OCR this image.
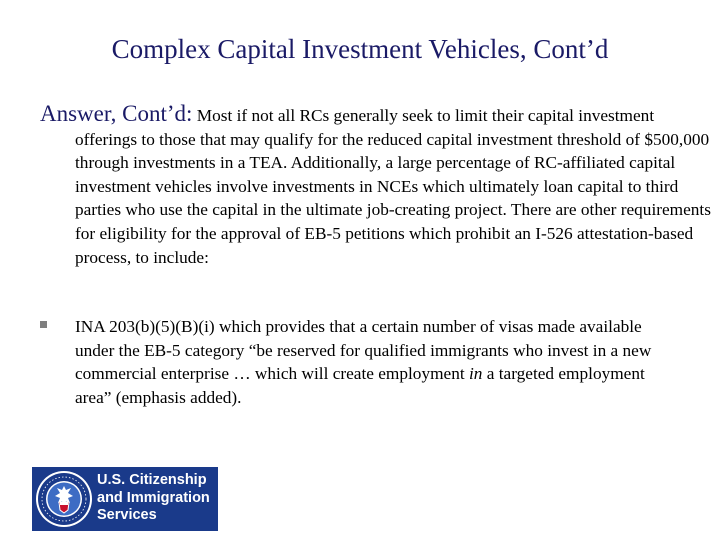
Complex Capital Investment Vehicles, Cont’d
Answer, Cont’d: Most if not all RCs generally seek to limit their capital investment offerings to those that may qualify for the reduced capital investment threshold of $500,000 through investments in a TEA. Additionally, a large percentage of RC-affiliated capital investment vehicles involve investments in NCEs which ultimately loan capital to third parties who use the capital in the ultimate job-creating project. There are other requirements for eligibility for the approval of EB-5 petitions which prohibit an I-526 attestation-based process, to include:
INA 203(b)(5)(B)(i) which provides that a certain number of visas made available under the EB-5 category “be reserved for qualified immigrants who invest in a new commercial enterprise … which will create employment in a targeted employment area” (emphasis added).
U.S. Citizenship
and Immigration
Services
